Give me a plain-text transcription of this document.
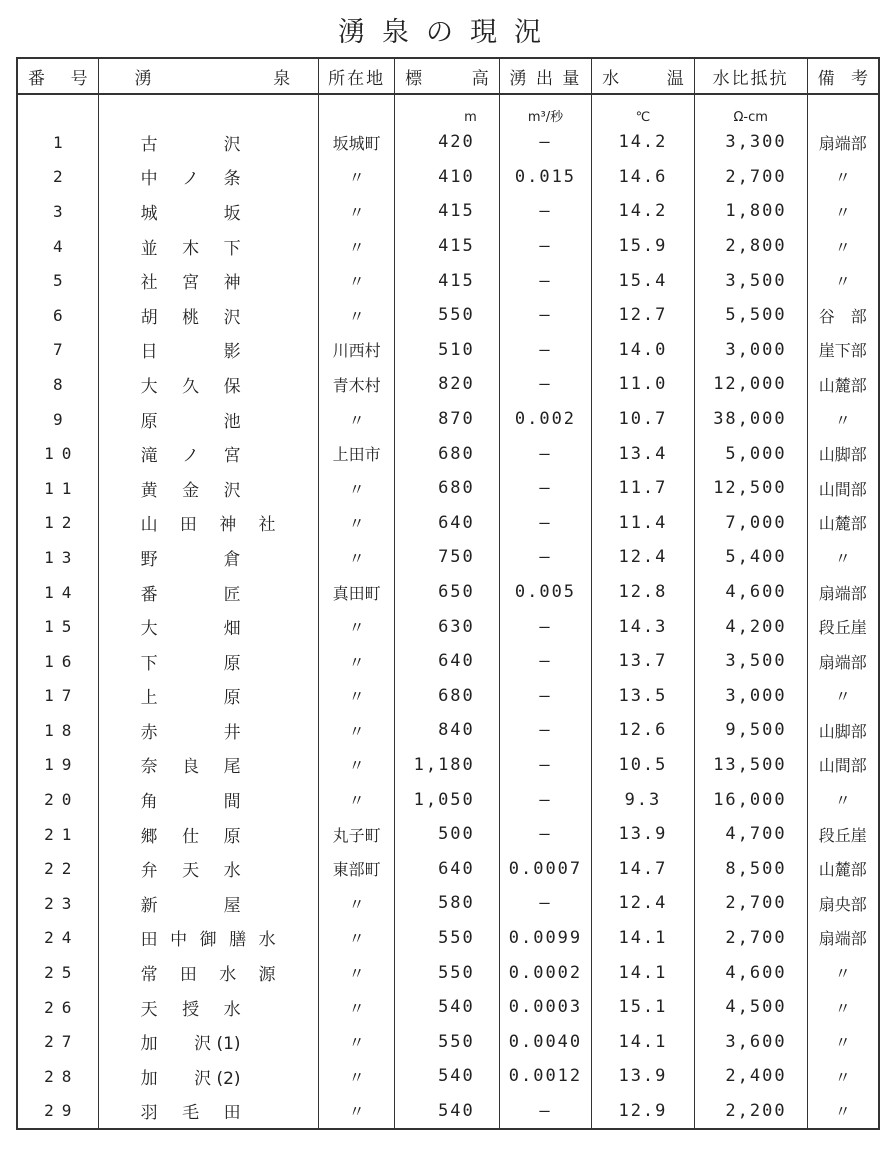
湧泉の現況
番 号	湧 泉	所在地	標 高	湧 出 量	水 温	水比抵抗	備 考

			m	m³/秒	℃	Ω-cm	
1	古 沢	坂城町	420	—	14.2	3,300	扇端部
2	中 ノ 条	〃	410	0.015	14.6	2,700	〃
3	城 坂	〃	415	—	14.2	1,800	〃
4	並 木 下	〃	415	—	15.9	2,800	〃
5	社 宮 神	〃	415	—	15.4	3,500	〃
6	胡 桃 沢	〃	550	—	12.7	5,500	谷　部
7	日 影	川西村	510	—	14.0	3,000	崖下部
8	大 久 保	青木村	820	—	11.0	12,000	山麓部
9	原 池	〃	870	0.002	10.7	38,000	〃
10	滝 ノ 宮	上田市	680	—	13.4	5,000	山脚部
11	黄 金 沢	〃	680	—	11.7	12,500	山間部
12	山 田 神 社	〃	640	—	11.4	7,000	山麓部
13	野 倉	〃	750	—	12.4	5,400	〃
14	番 匠	真田町	650	0.005	12.8	4,600	扇端部
15	大 畑	〃	630	—	14.3	4,200	段丘崖
16	下 原	〃	640	—	13.7	3,500	扇端部
17	上 原	〃	680	—	13.5	3,000	〃
18	赤 井	〃	840	—	12.6	9,500	山脚部
19	奈 良 尾	〃	1,180	—	10.5	13,500	山間部
20	角 間	〃	1,050	—	9.3	16,000	〃
21	郷 仕 原	丸子町	500	—	13.9	4,700	段丘崖
22	弁 天 水	東部町	640	0.0007	14.7	8,500	山麓部
23	新 屋	〃	580	—	12.4	2,700	扇央部
24	田 中 御 膳 水	〃	550	0.0099	14.1	2,700	扇端部
25	常 田 水 源	〃	550	0.0002	14.1	4,600	〃
26	天 授 水	〃	540	0.0003	15.1	4,500	〃
27	加 沢 (1)	〃	550	0.0040	14.1	3,600	〃
28	加 沢 (2)	〃	540	0.0012	13.9	2,400	〃
29	羽 毛 田	〃	540	—	12.9	2,200	〃
